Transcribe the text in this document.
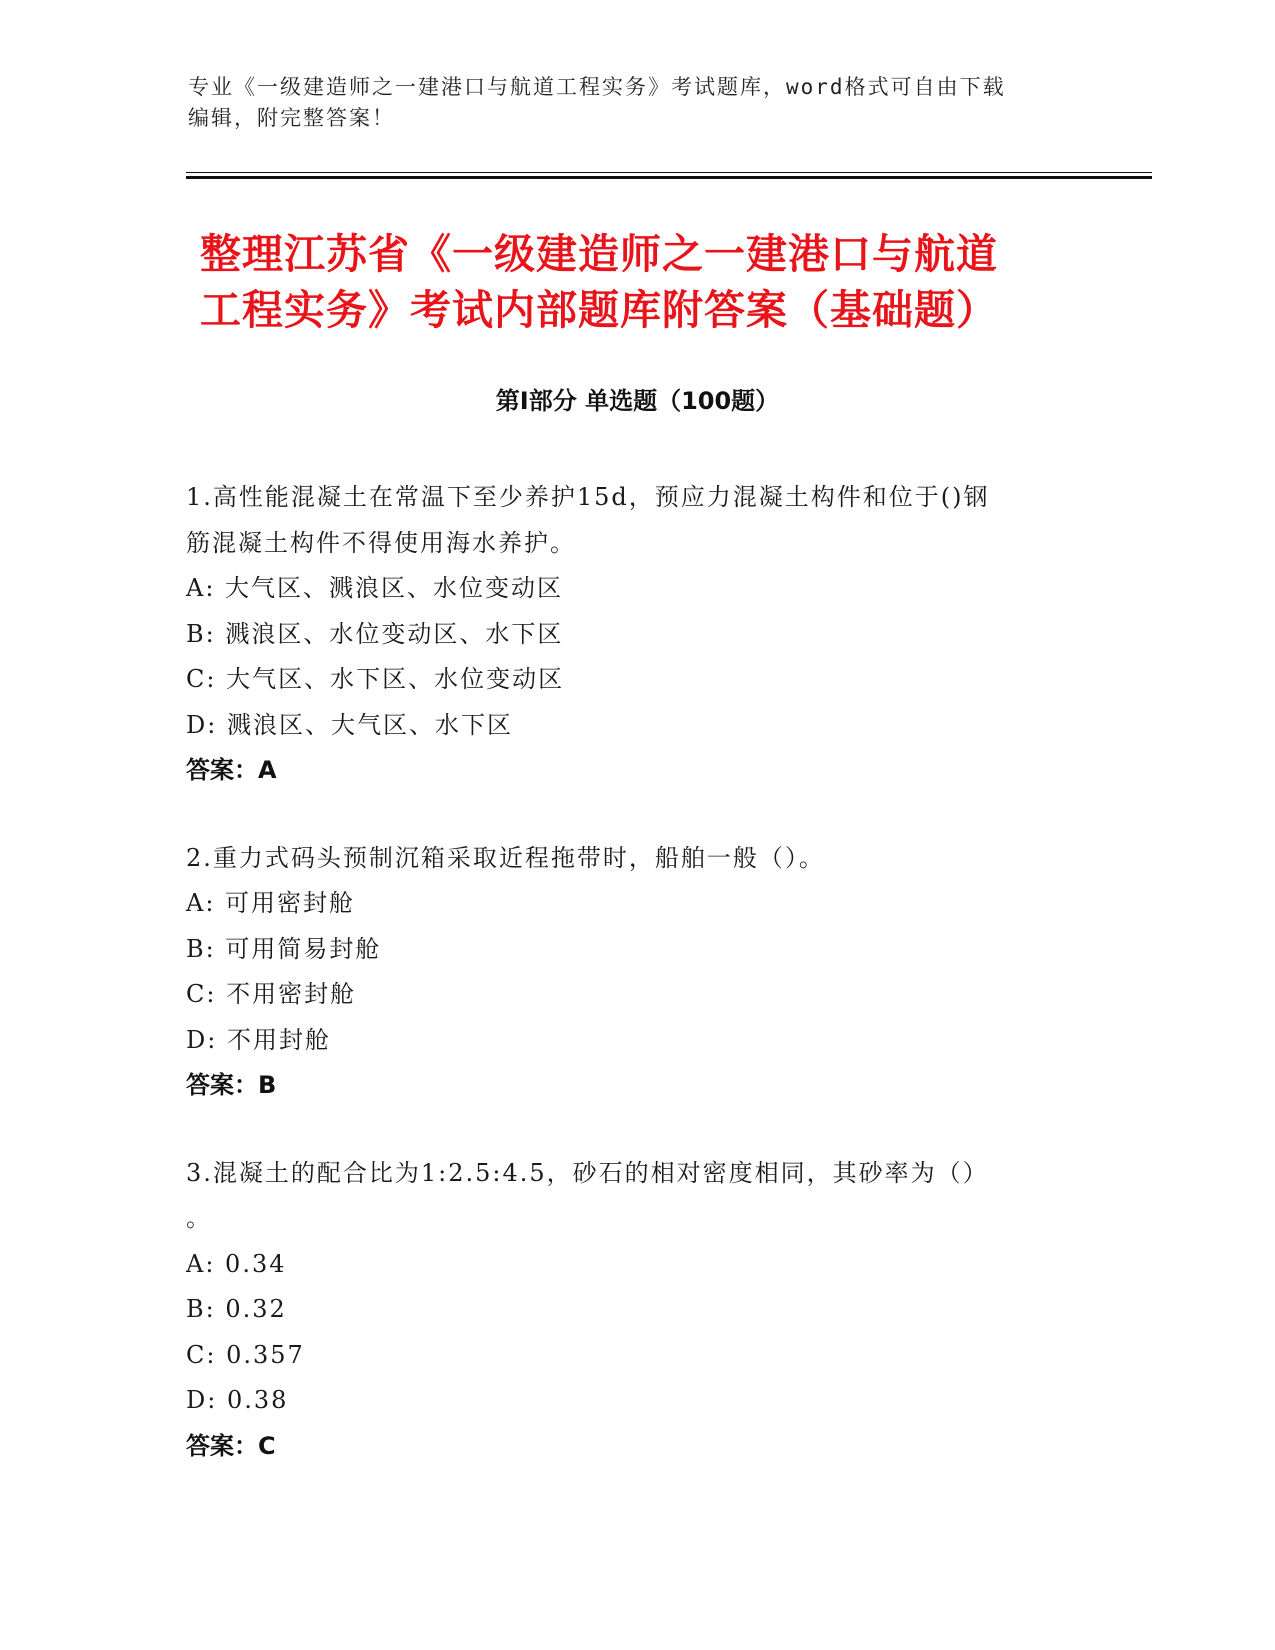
专业《一级建造师之一建港口与航道工程实务》考试题库，word格式可自由下载
编辑，附完整答案！
整理江苏省《一级建造师之一建港口与航道
工程实务》考试内部题库附答案（基础题）
第Ⅰ部分 单选题（100题）

1.高性能混凝土在常温下至少养护15d，预应力混凝土构件和位于()钢

筋混凝土构件不得使用海水养护。

A: 大气区、溅浪区、水位变动区

B: 溅浪区、水位变动区、水下区

C: 大气区、水下区、水位变动区

D: 溅浪区、大气区、水下区

答案：A

2.重力式码头预制沉箱采取近程拖带时，船舶一般（）。

A: 可用密封舱

B: 可用简易封舱

C: 不用密封舱

D: 不用封舱

答案：B

3.混凝土的配合比为1:2.5:4.5，砂石的相对密度相同，其砂率为（）

。

A: 0.34

B: 0.32

C: 0.357

D: 0.38

答案：C
